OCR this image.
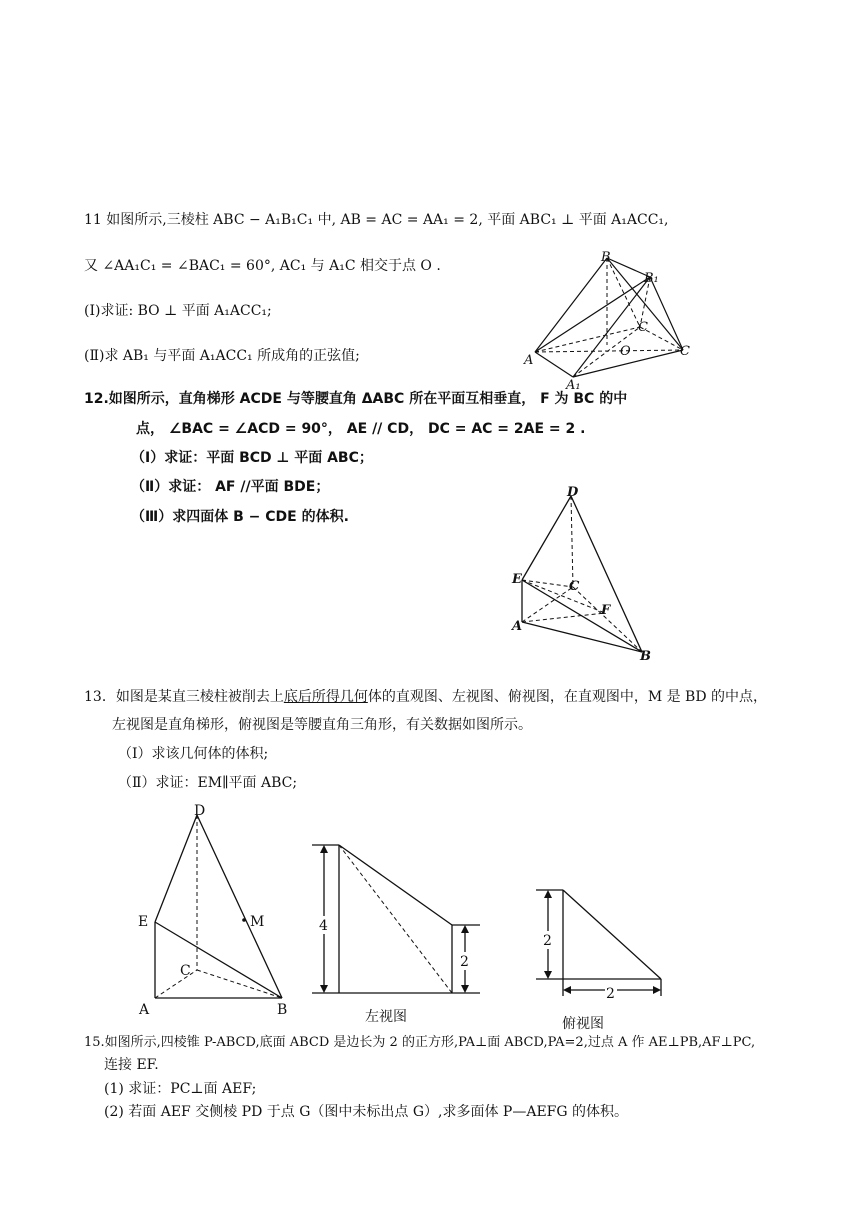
11 如图所示,三棱柱 ABC − A₁B₁C₁ 中, AB = AC = AA₁ = 2, 平面 ABC₁ ⊥ 平面 A₁ACC₁,
又 ∠AA₁C₁ = ∠BAC₁ = 60°, AC₁ 与 A₁C 相交于点 O .
(Ⅰ)求证: BO ⊥ 平面 A₁ACC₁;
(Ⅱ)求 AB₁ 与平面 A₁ACC₁ 所成角的正弦值;
B
B₁
C
O	C
A
A₁
12.如图所示，直角梯形 ACDE 与等腰直角 ΔABC 所在平面互相垂直， F 为 BC 的中
点， ∠BAC = ∠ACD = 90°， AE // CD， DC = AC = 2AE = 2 .
（Ⅰ）求证：平面 BCD ⊥ 平面 ABC；
（Ⅱ）求证： AF //平面 BDE；
（Ⅲ）求四面体 B − CDE 的体积.
D
E	C
F
A
B
13．如图是某直三棱柱被削去上底后所得几何体的直观图、左视图、俯视图，在直观图中，M 是 BD 的中点，
左视图是直角梯形，俯视图是等腰直角三角形，有关数据如图所示。
（Ⅰ）求该几何体的体积;
（Ⅱ）求证：EM∥平面 ABC;
D
E	M
C
A	B
4
2
2
2
左视图	俯视图
15.如图所示,四棱锥 P-ABCD,底面 ABCD 是边长为 2 的正方形,PA⊥面 ABCD,PA=2,过点 A 作 AE⊥PB,AF⊥PC,
连接 EF.
(1) 求证：PC⊥面 AEF;
(2) 若面 AEF 交侧棱 PD 于点 G（图中未标出点 G）,求多面体 P—AEFG 的体积。
